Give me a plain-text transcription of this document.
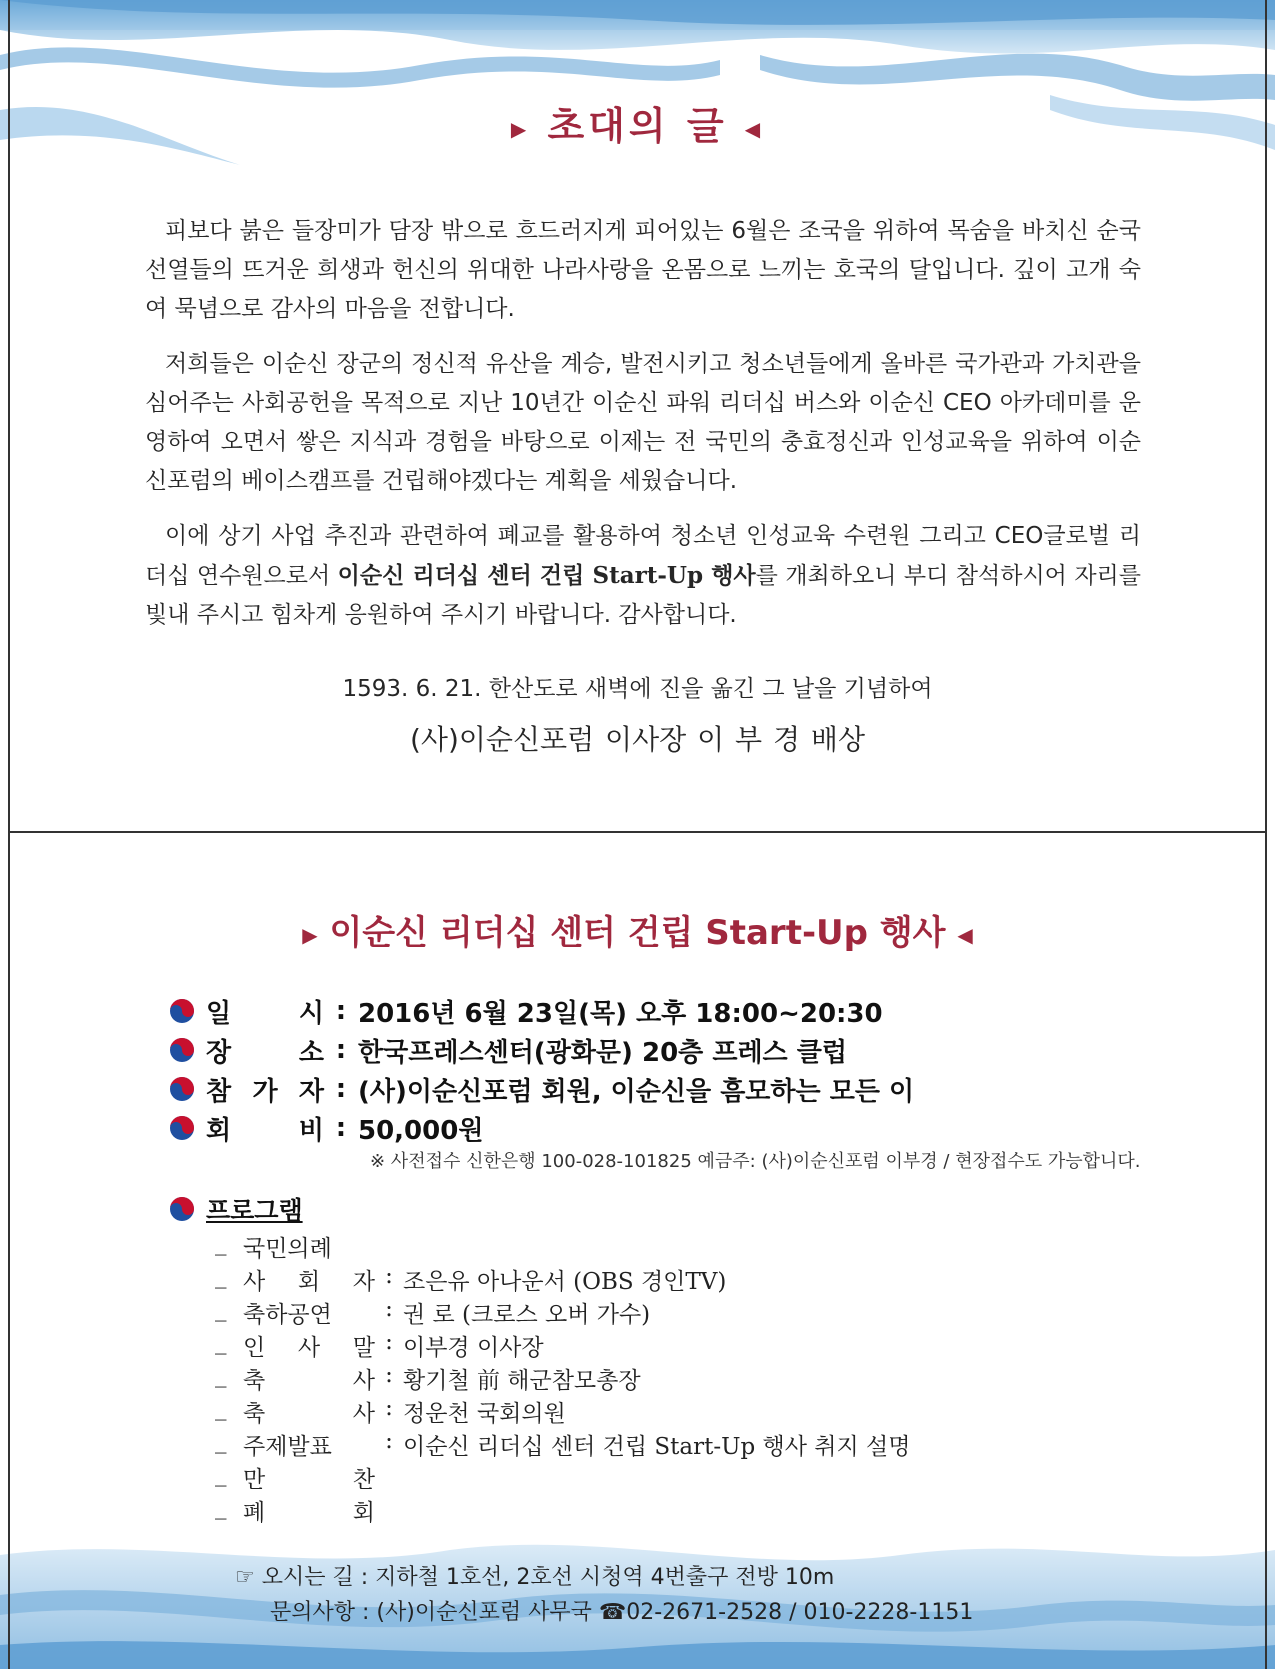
▶ 초대의 글 ◀

피보다 붉은 들장미가 담장 밖으로 흐드러지게 피어있는 6월은 조국을 위하여 목숨을 바치신 순국선열들의 뜨거운 희생과 헌신의 위대한 나라사랑을 온몸으로 느끼는 호국의 달입니다. 깊이 고개 숙여 묵념으로 감사의 마음을 전합니다.

저희들은 이순신 장군의 정신적 유산을 계승, 발전시키고 청소년들에게 올바른 국가관과 가치관을 심어주는 사회공헌을 목적으로 지난 10년간 이순신 파워 리더십 버스와 이순신 CEO 아카데미를 운영하여 오면서 쌓은 지식과 경험을 바탕으로 이제는 전 국민의 충효정신과 인성교육을 위하여 이순신포럼의 베이스캠프를 건립해야겠다는 계획을 세웠습니다.

이에 상기 사업 추진과 관련하여 폐교를 활용하여 청소년 인성교육 수련원 그리고 CEO글로벌 리더십 연수원으로서 이순신 리더십 센터 건립 Start-Up 행사를 개최하오니 부디 참석하시어 자리를 빛내 주시고 힘차게 응원하여 주시기 바랍니다. 감사합니다.

1593. 6. 21. 한산도로 새벽에 진을 옮긴 그 날을 기념하여
(사)이순신포럼 이사장 이 부 경 배상
▶ 이순신 리더십 센터 건립 Start-Up 행사 ◀
일 시 : 2016년 6월 23일(목) 오후 18:00~20:30
장 소 : 한국프레스센터(광화문) 20층 프레스 클럽
참 가 자 : (사)이순신포럼 회원, 이순신을 흠모하는 모든 이
회 비 : 50,000원
※ 사전접수 신한은행 100-028-101825 예금주: (사)이순신포럼 이부경 / 현장접수도 가능합니다.
프로그램
_ 국민의례
_ 사 회 자 : 조은유 아나운서 (OBS 경인TV)
_ 축하공연	: 권 로 (크로스 오버 가수)
_ 인 사 말 : 이부경 이사장
_ 축 사 : 황기철 前 해군참모총장
_ 축 사 : 정운천 국회의원
_ 주제발표	: 이순신 리더십 센터 건립 Start-Up 행사 취지 설명
_ 만 찬
_ 폐 회
☞ 오시는 길 : 지하철 1호선, 2호선 시청역 4번출구 전방 10m
문의사항 : (사)이순신포럼 사무국 ☎02-2671-2528 / 010-2228-1151
